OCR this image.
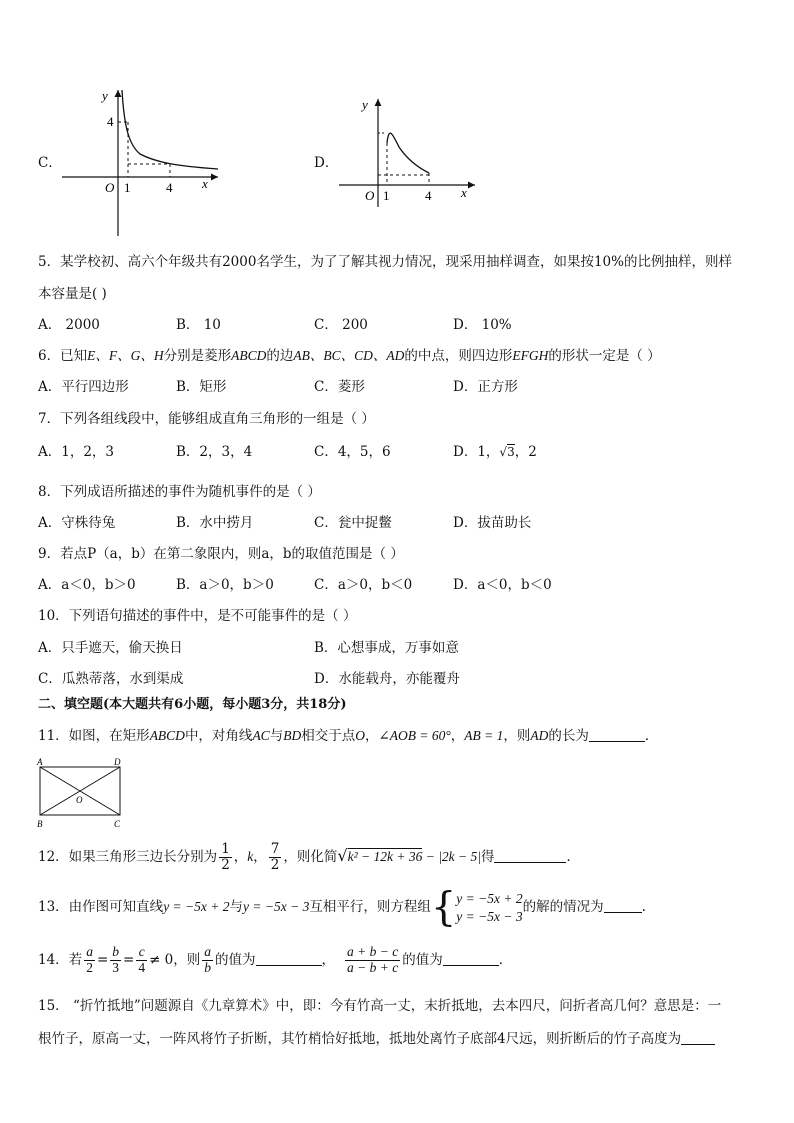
C．
y
4
O 1	4 x
D．
y
O 1	4 x
5．某学校初、高六个年级共有2000名学生，为了了解其视力情况，现采用抽样调查，如果按10%的比例抽样，则样
本容量是( )
A． 2000	B． 10	C． 200	D． 10%
6．已知E、F、G、H分别是菱形ABCD的边AB、BC、CD、AD的中点，则四边形EFGH的形状一定是（ ）
A．平行四边形	B．矩形	C．菱形	D．正方形
7．下列各组线段中，能够组成直角三角形的一组是（ ）
A．1，2，3	B．2，3，4	C．4，5，6	D．1，√3，2
8．下列成语所描述的事件为随机事件的是（ ）
A．守株待兔	B．水中捞月	C．瓮中捉鳖	D．拔苗助长
9．若点P（a，b）在第二象限内，则a，b的取值范围是（ ）
A．a＜0，b＞0	B．a＞0，b＞0	C．a＞0，b＜0	D．a＜0，b＜0
10．下列语句描述的事件中，是不可能事件的是（ ）
A．只手遮天，偷天换日	B．心想事成，万事如意
C．瓜熟蒂落，水到渠成	D．水能载舟，亦能覆舟
二、填空题(本大题共有6小题，每小题3分，共18分)
11．如图，在矩形ABCD中，对角线AC与BD相交于点O，∠AOB = 60°，AB = 1，则AD的长为	．
A	D
B	C
O
12．如果三角形三边长分别为 $\frac{1}{2}$ ，k， $\frac{7}{2}$ ，则化简√k² − 12k + 36 − |2k − 5|得	．
13．由作图可知直线y = −5x + 2与y = −5x − 3互相平行，则方程组{ y = −5x + 2
y = −5x − 3
的解的情况为	.
14．若 $\frac{a}{2} = \frac{b}{3} = \frac{c}{4} \ne 0$，则 $\frac{a}{b}$ 的值为	， $\frac{a + b - c}{a - b + c}$ 的值为	．
15． “折竹抵地”问题源自《九章算术》中，即：今有竹高一丈，末折抵地，去本四尺，问折者高几何？意思是：一
根竹子，原高一丈，一阵风将竹子折断，其竹梢恰好抵地，抵地处离竹子底部4尺远，则折断后的竹子高度为
